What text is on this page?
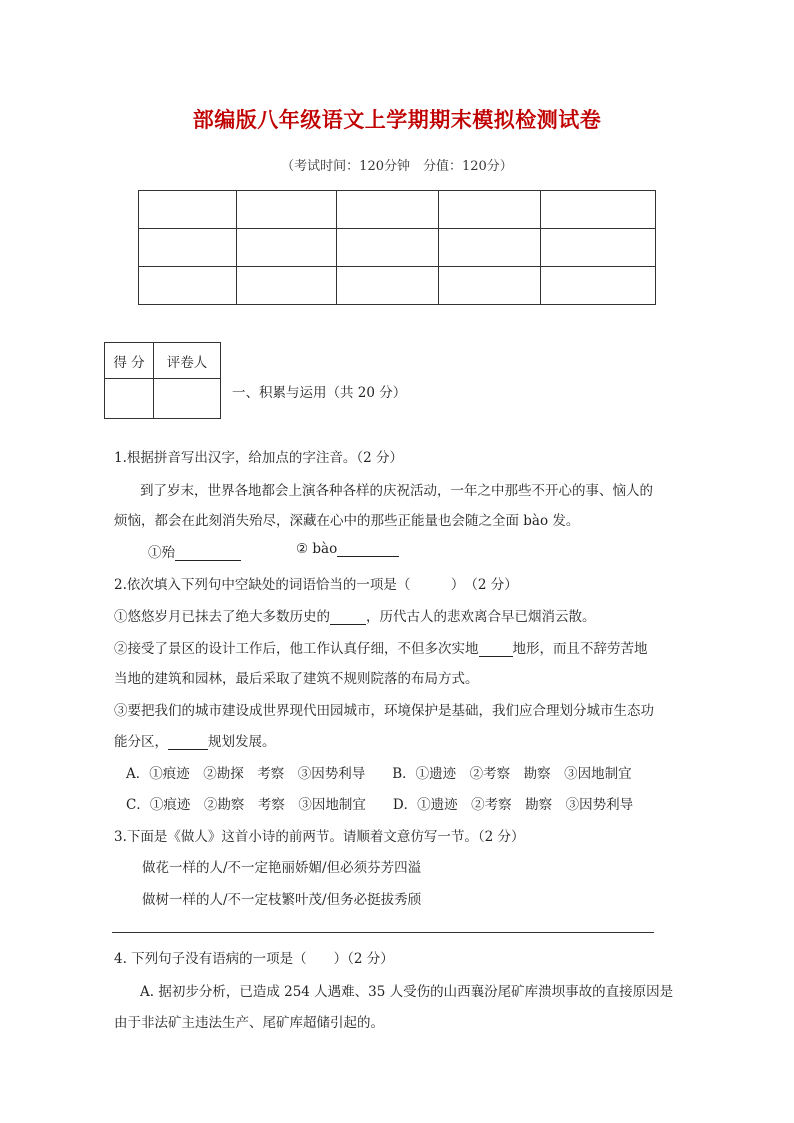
部编版八年级语文上学期期末模拟检测试卷
（考试时间：120分钟　分值：120分）

得 分	评卷人

一、积累与运用（共 20 分）
1.根据拼音写出汉字，给加点的字注音。（2 分）
到了岁末，世界各地都会上演各种各样的庆祝活动，一年之中那些不开心的事、恼人的
烦恼，都会在此刻消失殆尽，深藏在心中的那些正能量也会随之全面 bào 发。
①殆	② bào
2.依次填入下列句中空缺处的词语恰当的一项是（　　　）　（2 分）
①悠悠岁月已抹去了绝大多数历史的	，历代古人的悲欢离合早已烟消云散。
②接受了景区的设计工作后，他工作认真仔细，不但多次实地	地形，而且不辞劳苦地
当地的建筑和园林，最后采取了建筑不规则院落的布局方式。
③要把我们的城市建设成世界现代田园城市，环境保护是基础，我们应合理划分城市生态功
能分区，	规划发展。
A．①痕迹　②勘探　考察　③因势利导　　B．①遗迹　②考察　勘察　③因地制宜
C．①痕迹　②勘察　考察　③因地制宜　　D．①遗迹　②考察　勘察　③因势利导
3.下面是《做人》这首小诗的前两节。请顺着文意仿写一节。（2 分）
做花一样的人/不一定艳丽娇媚/但必须芬芳四溢
做树一样的人/不一定枝繁叶茂/但务必挺拔秀颀
4. 下列句子没有语病的一项是（　　）（2 分）
A. 据初步分析，已造成 254 人遇难、35 人受伤的山西襄汾尾矿库溃坝事故的直接原因是
由于非法矿主违法生产、尾矿库超储引起的。
